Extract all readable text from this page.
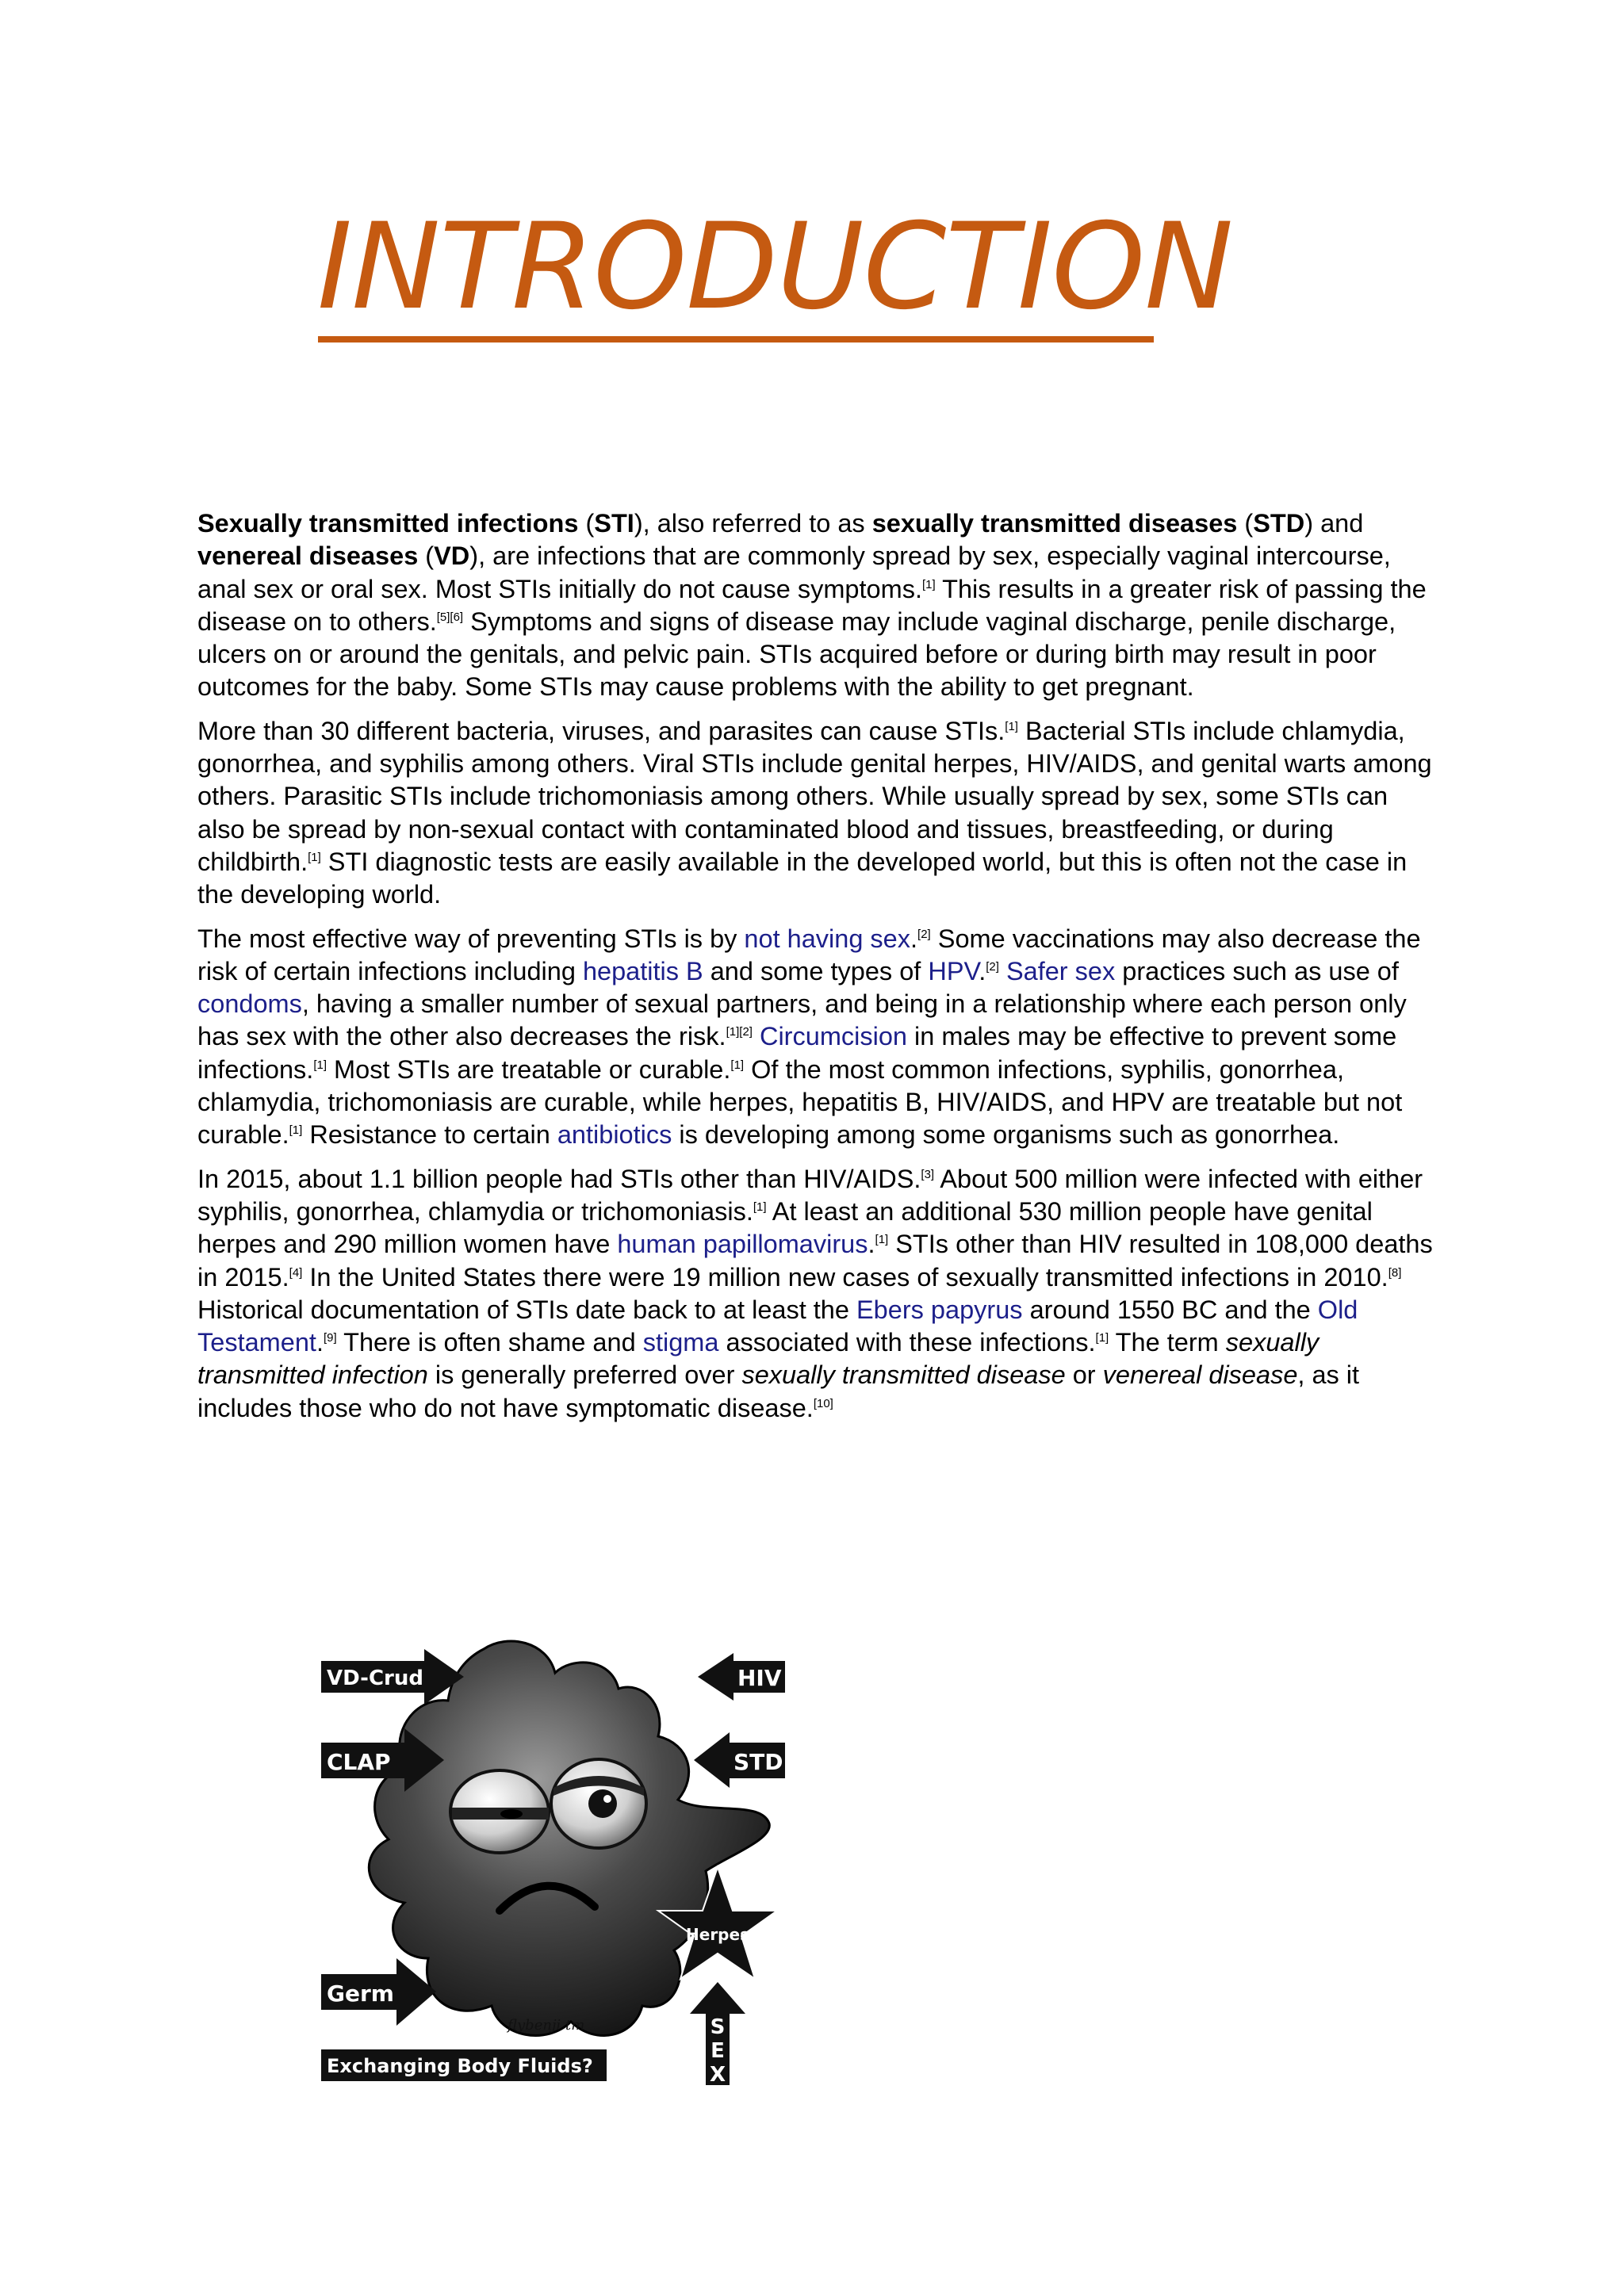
INTRODUCTION

Sexually transmitted infections (STI), also referred to as sexually transmitted diseases (STD) and venereal diseases (VD), are infections that are commonly spread by sex, especially vaginal intercourse, anal sex or oral sex. Most STIs initially do not cause symptoms.[1] This results in a greater risk of passing the disease on to others.[5][6] Symptoms and signs of disease may include vaginal discharge, penile discharge, ulcers on or around the genitals, and pelvic pain. STIs acquired before or during birth may result in poor outcomes for the baby. Some STIs may cause problems with the ability to get pregnant.

More than 30 different bacteria, viruses, and parasites can cause STIs.[1] Bacterial STIs include chlamydia, gonorrhea, and syphilis among others. Viral STIs include genital herpes, HIV/AIDS, and genital warts among others. Parasitic STIs include trichomoniasis among others. While usually spread by sex, some STIs can also be spread by non-sexual contact with contaminated blood and tissues, breastfeeding, or during childbirth.[1] STI diagnostic tests are easily available in the developed world, but this is often not the case in the developing world.

The most effective way of preventing STIs is by not having sex.[2] Some vaccinations may also decrease the risk of certain infections including hepatitis B and some types of HPV.[2] Safer sex practices such as use of condoms, having a smaller number of sexual partners, and being in a relationship where each person only has sex with the other also decreases the risk.[1][2] Circumcision in males may be effective to prevent some infections.[1] Most STIs are treatable or curable.[1] Of the most common infections, syphilis, gonorrhea, chlamydia, trichomoniasis are curable, while herpes, hepatitis B, HIV/AIDS, and HPV are treatable but not curable.[1] Resistance to certain antibiotics is developing among some organisms such as gonorrhea.

In 2015, about 1.1 billion people had STIs other than HIV/AIDS.[3] About 500 million were infected with either syphilis, gonorrhea, chlamydia or trichomoniasis.[1] At least an additional 530 million people have genital herpes and 290 million women have human papillomavirus.[1] STIs other than HIV resulted in 108,000 deaths in 2015.[4] In the United States there were 19 million new cases of sexually transmitted infections in 2010.[8] Historical documentation of STIs date back to at least the Ebers papyrus around 1550 BC and the Old Testament.[9] There is often shame and stigma associated with these infections.[1] The term sexually transmitted infection is generally preferred over sexually transmitted disease or venereal disease, as it includes those who do not have symptomatic disease.[10]

VD-Crud
CLAP
Germ
HIV
STD
Herpes
S
E
X
flybenji tm
Exchanging Body Fluids?
